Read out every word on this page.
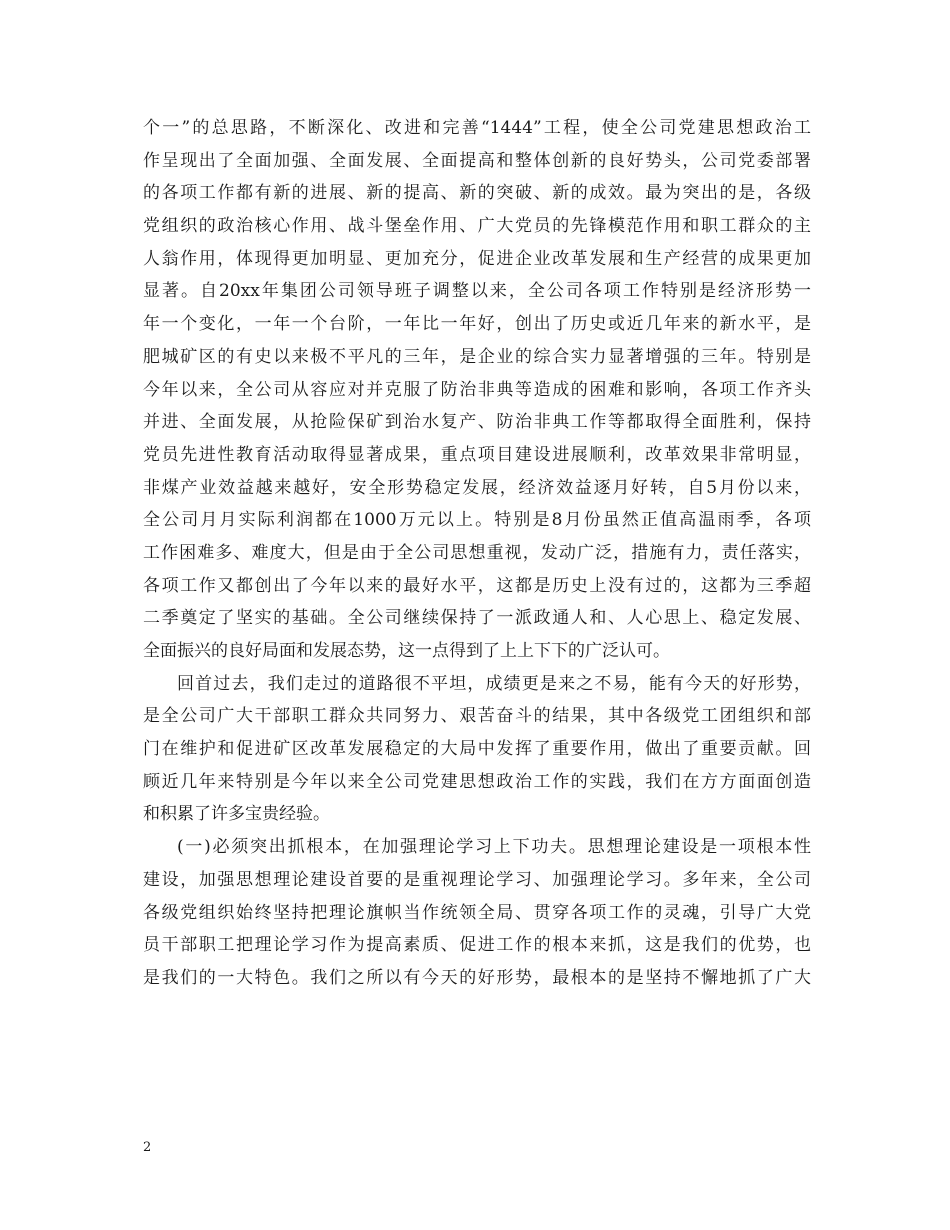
个一”的总思路，不断深化、改进和完善“1444”工程，使全公司党建思想政治工
作呈现出了全面加强、全面发展、全面提高和整体创新的良好势头，公司党委部署
的各项工作都有新的进展、新的提高、新的突破、新的成效。最为突出的是，各级
党组织的政治核心作用、战斗堡垒作用、广大党员的先锋模范作用和职工群众的主
人翁作用，体现得更加明显、更加充分，促进企业改革发展和生产经营的成果更加
显著。自20xx年集团公司领导班子调整以来，全公司各项工作特别是经济形势一
年一个变化，一年一个台阶，一年比一年好，创出了历史或近几年来的新水平，是
肥城矿区的有史以来极不平凡的三年，是企业的综合实力显著增强的三年。特别是
今年以来，全公司从容应对并克服了防治非典等造成的困难和影响，各项工作齐头
并进、全面发展，从抢险保矿到治水复产、防治非典工作等都取得全面胜利，保持
党员先进性教育活动取得显著成果，重点项目建设进展顺利，改革效果非常明显，
非煤产业效益越来越好，安全形势稳定发展，经济效益逐月好转，自5月份以来，
全公司月月实际利润都在1000万元以上。特别是8月份虽然正值高温雨季，各项
工作困难多、难度大，但是由于全公司思想重视，发动广泛，措施有力，责任落实，
各项工作又都创出了今年以来的最好水平，这都是历史上没有过的，这都为三季超
二季奠定了坚实的基础。全公司继续保持了一派政通人和、人心思上、稳定发展、
全面振兴的良好局面和发展态势，这一点得到了上上下下的广泛认可。
回首过去，我们走过的道路很不平坦，成绩更是来之不易，能有今天的好形势，
是全公司广大干部职工群众共同努力、艰苦奋斗的结果，其中各级党工团组织和部
门在维护和促进矿区改革发展稳定的大局中发挥了重要作用，做出了重要贡献。回
顾近几年来特别是今年以来全公司党建思想政治工作的实践，我们在方方面面创造
和积累了许多宝贵经验。
(一)必须突出抓根本，在加强理论学习上下功夫。思想理论建设是一项根本性
建设，加强思想理论建设首要的是重视理论学习、加强理论学习。多年来，全公司
各级党组织始终坚持把理论旗帜当作统领全局、贯穿各项工作的灵魂，引导广大党
员干部职工把理论学习作为提高素质、促进工作的根本来抓，这是我们的优势，也
是我们的一大特色。我们之所以有今天的好形势，最根本的是坚持不懈地抓了广大
2
